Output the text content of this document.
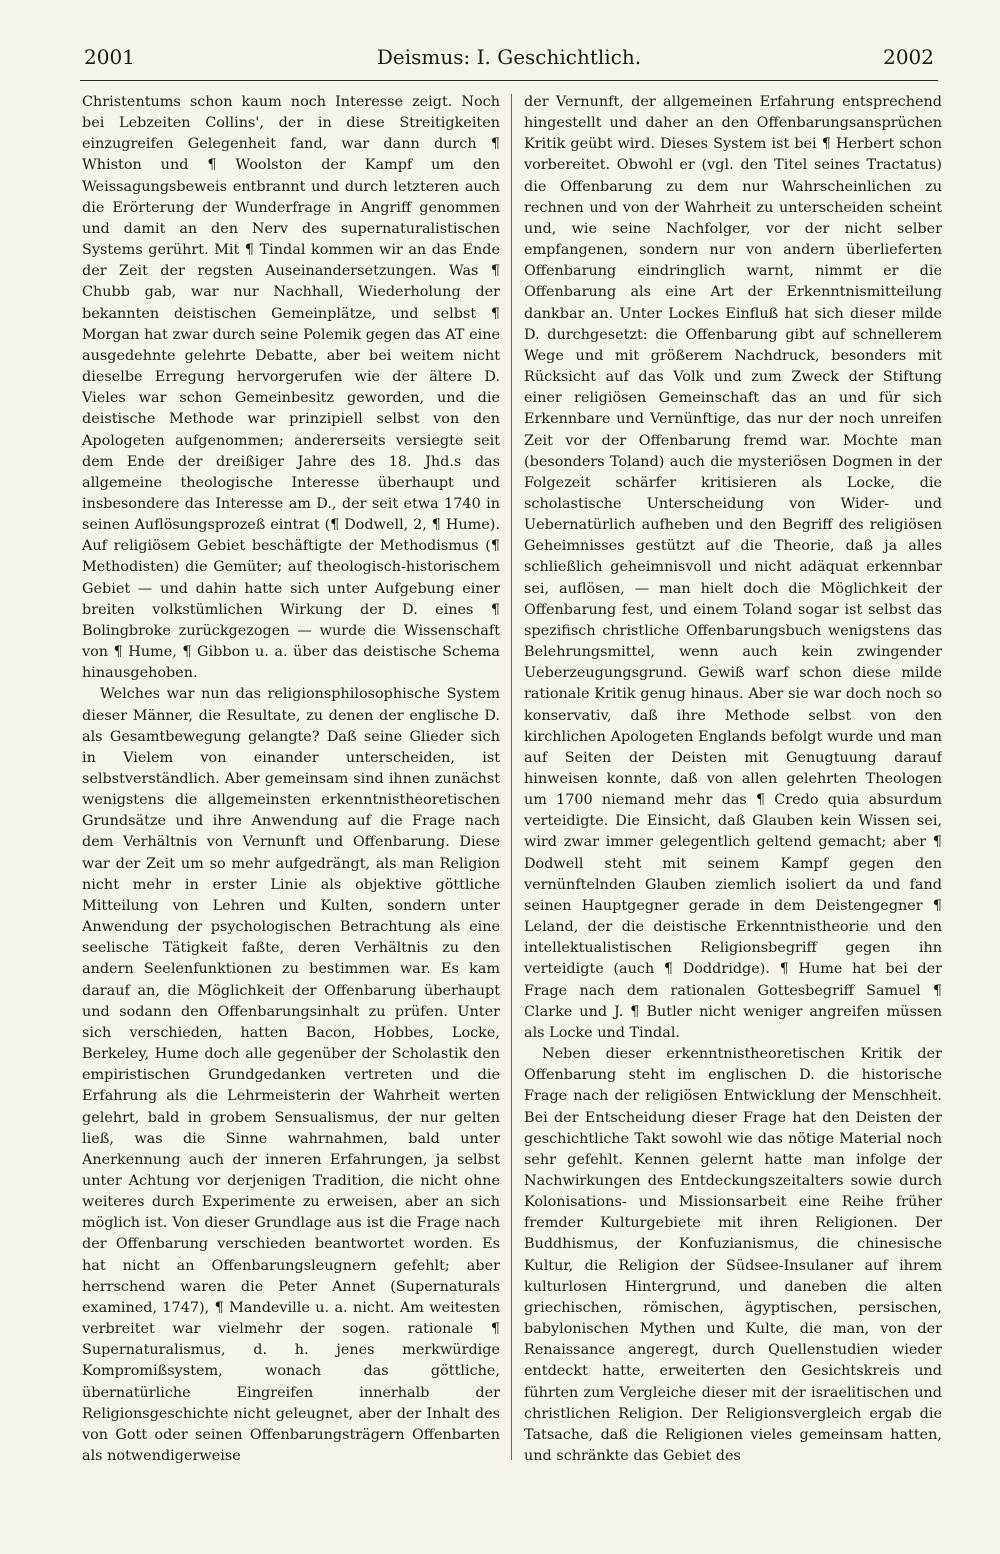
2001	Deismus: I. Geschichtlich.	2002

Christentums schon kaum noch Interesse zeigt. Noch bei Lebzeiten Collins', der in diese Streitigkeiten einzugreifen Gelegenheit fand, war dann durch ¶ Whiston und ¶ Woolston der Kampf um den Weissagungsbeweis entbrannt und durch letzteren auch die Erörterung der Wunderfrage in Angriff genommen und damit an den Nerv des supernaturalistischen Systems gerührt. Mit ¶ Tindal kommen wir an das Ende der Zeit der regsten Auseinandersetzungen. Was ¶ Chubb gab, war nur Nachhall, Wiederholung der bekannten deistischen Gemeinplätze, und selbst ¶ Morgan hat zwar durch seine Polemik gegen das AT eine ausgedehnte gelehrte Debatte, aber bei weitem nicht dieselbe Erregung hervorgerufen wie der ältere D. Vieles war schon Gemeinbesitz geworden, und die deistische Methode war prinzipiell selbst von den Apologeten aufgenommen; andererseits versiegte seit dem Ende der dreißiger Jahre des 18. Jhd.s das allgemeine theologische Interesse überhaupt und insbesondere das Interesse am D., der seit etwa 1740 in seinen Auflösungsprozeß eintrat (¶ Dodwell, 2, ¶ Hume). Auf religiösem Gebiet beschäftigte der Methodismus (¶ Methodisten) die Gemüter; auf theologisch-historischem Gebiet — und dahin hatte sich unter Aufgebung einer breiten volkstümlichen Wirkung der D. eines ¶ Bolingbroke zurückgezogen — wurde die Wissenschaft von ¶ Hume, ¶ Gibbon u. a. über das deistische Schema hinausgehoben.

Welches war nun das religionsphilosophische System dieser Männer, die Resultate, zu denen der englische D. als Gesamtbewegung gelangte? Daß seine Glieder sich in Vielem von einander unterscheiden, ist selbstverständlich. Aber gemeinsam sind ihnen zunächst wenigstens die allgemeinsten erkenntnistheoretischen Grundsätze und ihre Anwendung auf die Frage nach dem Verhältnis von Vernunft und Offenbarung. Diese war der Zeit um so mehr aufgedrängt, als man Religion nicht mehr in erster Linie als objektive göttliche Mitteilung von Lehren und Kulten, sondern unter Anwendung der psychologischen Betrachtung als eine seelische Tätigkeit faßte, deren Verhältnis zu den andern Seelenfunktionen zu bestimmen war. Es kam darauf an, die Möglichkeit der Offenbarung überhaupt und sodann den Offenbarungsinhalt zu prüfen. Unter sich verschieden, hatten Bacon, Hobbes, Locke, Berkeley, Hume doch alle gegenüber der Scholastik den empiristischen Grundgedanken vertreten und die Erfahrung als die Lehrmeisterin der Wahrheit werten gelehrt, bald in grobem Sensualismus, der nur gelten ließ, was die Sinne wahrnahmen, bald unter Anerkennung auch der inneren Erfahrungen, ja selbst unter Achtung vor derjenigen Tradition, die nicht ohne weiteres durch Experimente zu erweisen, aber an sich möglich ist. Von dieser Grundlage aus ist die Frage nach der Offenbarung verschieden beantwortet worden. Es hat nicht an Offenbarungsleugnern gefehlt; aber herrschend waren die Peter Annet (Supernaturals examined, 1747), ¶ Mandeville u. a. nicht. Am weitesten verbreitet war vielmehr der sogen. rationale ¶ Supernaturalismus, d. h. jenes merkwürdige Kompromißsystem, wonach das göttliche, übernatürliche Eingreifen innerhalb der Religionsgeschichte nicht geleugnet, aber der Inhalt des von Gott oder seinen Offenbarungsträgern Offenbarten als notwendigerweise

der Vernunft, der allgemeinen Erfahrung entsprechend hingestellt und daher an den Offenbarungsansprüchen Kritik geübt wird. Dieses System ist bei ¶ Herbert schon vorbereitet. Obwohl er (vgl. den Titel seines Tractatus) die Offenbarung zu dem nur Wahrscheinlichen zu rechnen und von der Wahrheit zu unterscheiden scheint und, wie seine Nachfolger, vor der nicht selber empfangenen, sondern nur von andern überlieferten Offenbarung eindringlich warnt, nimmt er die Offenbarung als eine Art der Erkenntnismitteilung dankbar an. Unter Lockes Einfluß hat sich dieser milde D. durchgesetzt: die Offenbarung gibt auf schnellerem Wege und mit größerem Nachdruck, besonders mit Rücksicht auf das Volk und zum Zweck der Stiftung einer religiösen Gemeinschaft das an und für sich Erkennbare und Vernünftige, das nur der noch unreifen Zeit vor der Offenbarung fremd war. Mochte man (besonders Toland) auch die mysteriösen Dogmen in der Folgezeit schärfer kritisieren als Locke, die scholastische Unterscheidung von Wider- und Uebernatürlich aufheben und den Begriff des religiösen Geheimnisses gestützt auf die Theorie, daß ja alles schließlich geheimnisvoll und nicht adäquat erkennbar sei, auflösen, — man hielt doch die Möglichkeit der Offenbarung fest, und einem Toland sogar ist selbst das spezifisch christliche Offenbarungsbuch wenigstens das Belehrungsmittel, wenn auch kein zwingender Ueberzeugungsgrund. Gewiß warf schon diese milde rationale Kritik genug hinaus. Aber sie war doch noch so konservativ, daß ihre Methode selbst von den kirchlichen Apologeten Englands befolgt wurde und man auf Seiten der Deisten mit Genugtuung darauf hinweisen konnte, daß von allen gelehrten Theologen um 1700 niemand mehr das ¶ Credo quia absurdum verteidigte. Die Einsicht, daß Glauben kein Wissen sei, wird zwar immer gelegentlich geltend gemacht; aber ¶ Dodwell steht mit seinem Kampf gegen den vernünftelnden Glauben ziemlich isoliert da und fand seinen Hauptgegner gerade in dem Deistengegner ¶ Leland, der die deistische Erkenntnistheorie und den intellektualistischen Religionsbegriff gegen ihn verteidigte (auch ¶ Doddridge). ¶ Hume hat bei der Frage nach dem rationalen Gottesbegriff Samuel ¶ Clarke und J. ¶ Butler nicht weniger angreifen müssen als Locke und Tindal.

Neben dieser erkenntnistheoretischen Kritik der Offenbarung steht im englischen D. die historische Frage nach der religiösen Entwicklung der Menschheit. Bei der Entscheidung dieser Frage hat den Deisten der geschichtliche Takt sowohl wie das nötige Material noch sehr gefehlt. Kennen gelernt hatte man infolge der Nachwirkungen des Entdeckungszeitalters sowie durch Kolonisations- und Missionsarbeit eine Reihe früher fremder Kulturgebiete mit ihren Religionen. Der Buddhismus, der Konfuzianismus, die chinesische Kultur, die Religion der Südsee-Insulaner auf ihrem kulturlosen Hintergrund, und daneben die alten griechischen, römischen, ägyptischen, persischen, babylonischen Mythen und Kulte, die man, von der Renaissance angeregt, durch Quellenstudien wieder entdeckt hatte, erweiterten den Gesichtskreis und führten zum Vergleiche dieser mit der israelitischen und christlichen Religion. Der Religionsvergleich ergab die Tatsache, daß die Religionen vieles gemeinsam hatten, und schränkte das Gebiet des
